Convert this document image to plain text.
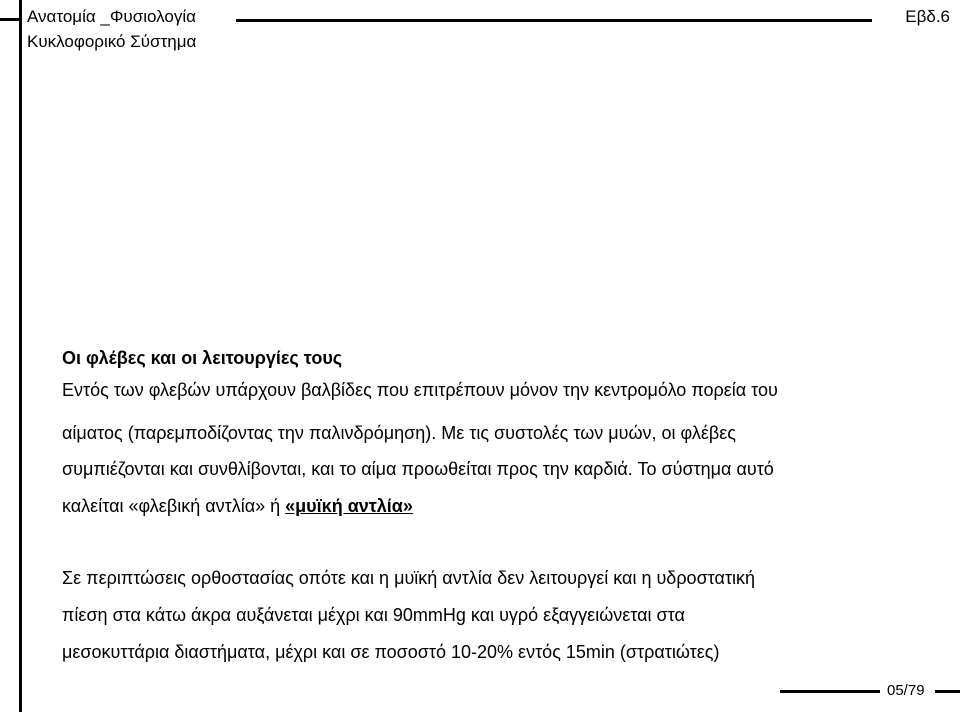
Ανατομία _Φυσιολογία
Κυκλοφορικό Σύστημα
Εβδ.6
Οι φλέβες και οι λειτουργίες τους
Εντός των φλεβών υπάρχουν βαλβίδες που επιτρέπουν μόνον την κεντρομόλο πορεία του
αίματος (παρεμποδίζοντας την παλινδρόμηση). Με τις συστολές των μυών, οι φλέβες
συμπιέζονται και συνθλίβονται, και το αίμα προωθείται προς την καρδιά. Το σύστημα αυτό
καλείται «φλεβική αντλία» ή «μυϊκή αντλία»
Σε περιπτώσεις ορθοστασίας οπότε και η μυϊκή αντλία δεν λειτουργεί και η υδροστατική
πίεση στα κάτω άκρα αυξάνεται μέχρι και 90mmHg και υγρό εξαγγειώνεται στα
μεσοκυττάρια διαστήματα, μέχρι και σε ποσοστό 10-20% εντός 15min (στρατιώτες)
05/79
